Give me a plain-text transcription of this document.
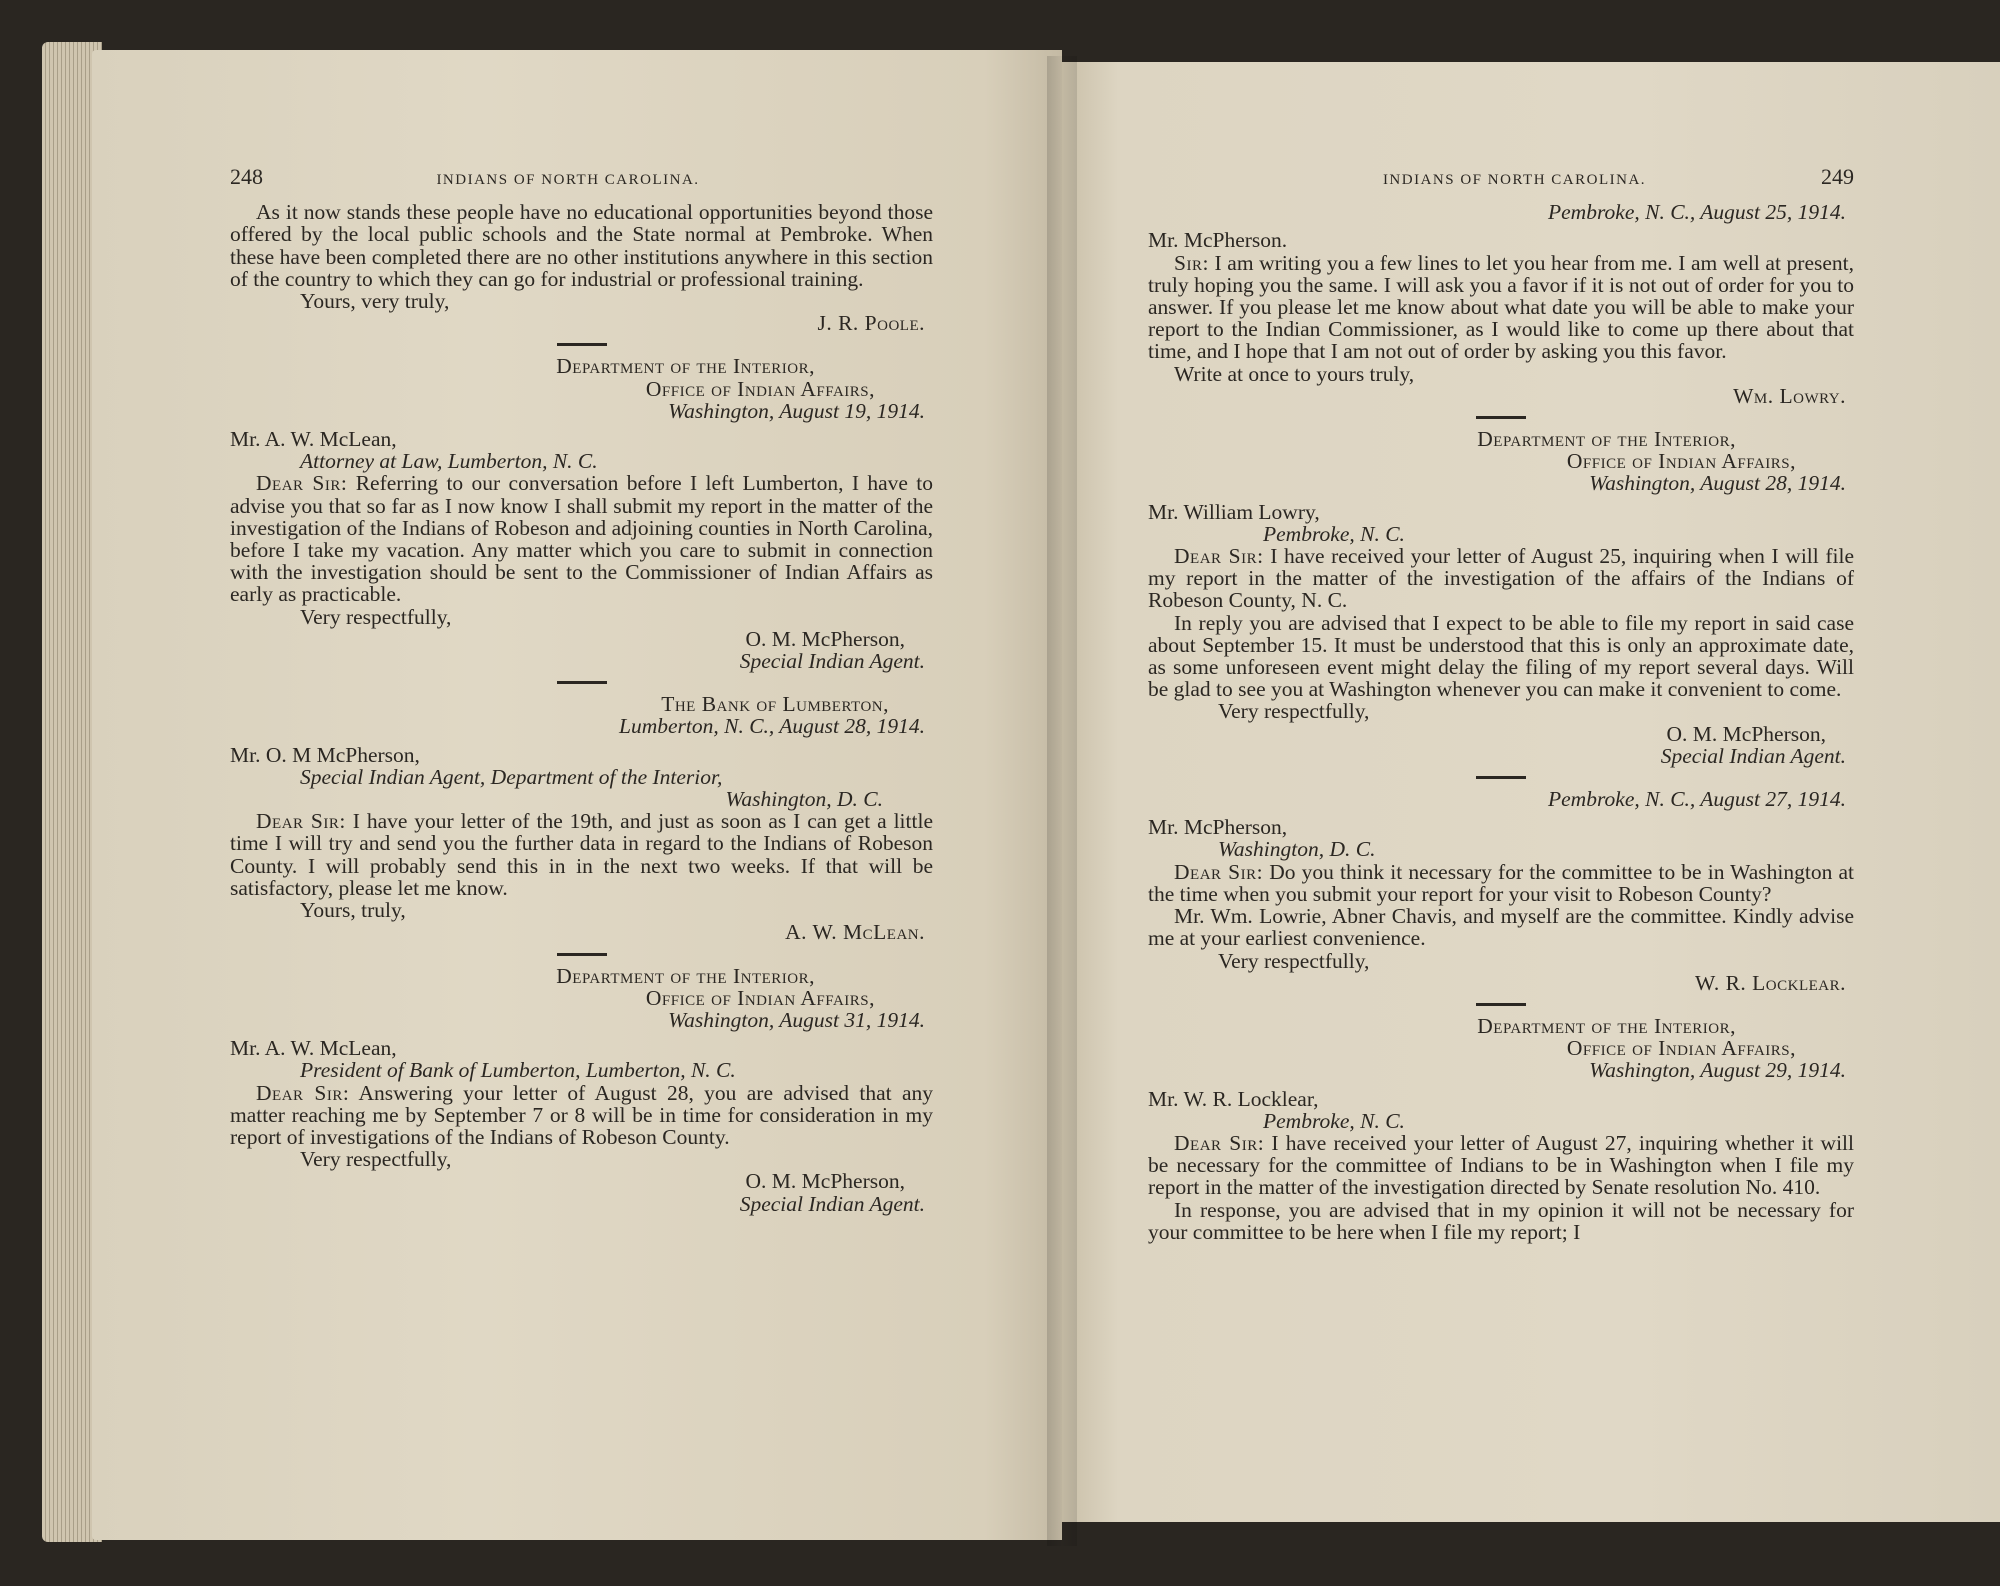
248	INDIANS OF NORTH CAROLINA.

As it now stands these people have no educational opportunities beyond those offered by the local public schools and the State normal at Pembroke. When these have been completed there are no other institutions anywhere in this section of the country to which they can go for industrial or professional training.

Yours, very truly,
J. R. Poole.
Department of the Interior,
Office of Indian Affairs,
Washington, August 19, 1914.
Mr. A. W. McLean,
Attorney at Law, Lumberton, N. C.

Dear Sir: Referring to our conversation before I left Lumberton, I have to advise you that so far as I now know I shall submit my report in the matter of the investigation of the Indians of Robeson and adjoining counties in North Carolina, before I take my vacation. Any matter which you care to submit in connection with the investigation should be sent to the Commissioner of Indian Affairs as early as practicable.

Very respectfully,
O. M. McPherson,
Special Indian Agent.
The Bank of Lumberton,
Lumberton, N. C., August 28, 1914.
Mr. O. M McPherson,
Special Indian Agent, Department of the Interior,
Washington, D. C.

Dear Sir: I have your letter of the 19th, and just as soon as I can get a little time I will try and send you the further data in regard to the Indians of Robeson County. I will probably send this in in the next two weeks. If that will be satisfactory, please let me know.

Yours, truly,
A. W. McLean.
Department of the Interior,
Office of Indian Affairs,
Washington, August 31, 1914.
Mr. A. W. McLean,
President of Bank of Lumberton, Lumberton, N. C.

Dear Sir: Answering your letter of August 28, you are advised that any matter reaching me by September 7 or 8 will be in time for consideration in my report of investigations of the Indians of Robeson County.

Very respectfully,
O. M. McPherson,
Special Indian Agent.
INDIANS OF NORTH CAROLINA.	249
Pembroke, N. C., August 25, 1914.
Mr. McPherson.

Sir: I am writing you a few lines to let you hear from me. I am well at present, truly hoping you the same. I will ask you a favor if it is not out of order for you to answer. If you please let me know about what date you will be able to make your report to the Indian Commissioner, as I would like to come up there about that time, and I hope that I am not out of order by asking you this favor.

Write at once to yours truly,
Wm. Lowry.
Department of the Interior,
Office of Indian Affairs,
Washington, August 28, 1914.
Mr. William Lowry,
Pembroke, N. C.

Dear Sir: I have received your letter of August 25, inquiring when I will file my report in the matter of the investigation of the affairs of the Indians of Robeson County, N. C.

In reply you are advised that I expect to be able to file my report in said case about September 15. It must be understood that this is only an approximate date, as some unforeseen event might delay the filing of my report several days. Will be glad to see you at Washington whenever you can make it convenient to come.

Very respectfully,
O. M. McPherson,
Special Indian Agent.
Pembroke, N. C., August 27, 1914.
Mr. McPherson,
Washington, D. C.

Dear Sir: Do you think it necessary for the committee to be in Washington at the time when you submit your report for your visit to Robeson County?

Mr. Wm. Lowrie, Abner Chavis, and myself are the committee. Kindly advise me at your earliest convenience.

Very respectfully,
W. R. Locklear.
Department of the Interior,
Office of Indian Affairs,
Washington, August 29, 1914.
Mr. W. R. Locklear,
Pembroke, N. C.

Dear Sir: I have received your letter of August 27, inquiring whether it will be necessary for the committee of Indians to be in Washington when I file my report in the matter of the investigation directed by Senate resolution No. 410.

In response, you are advised that in my opinion it will not be necessary for your committee to be here when I file my report; I
